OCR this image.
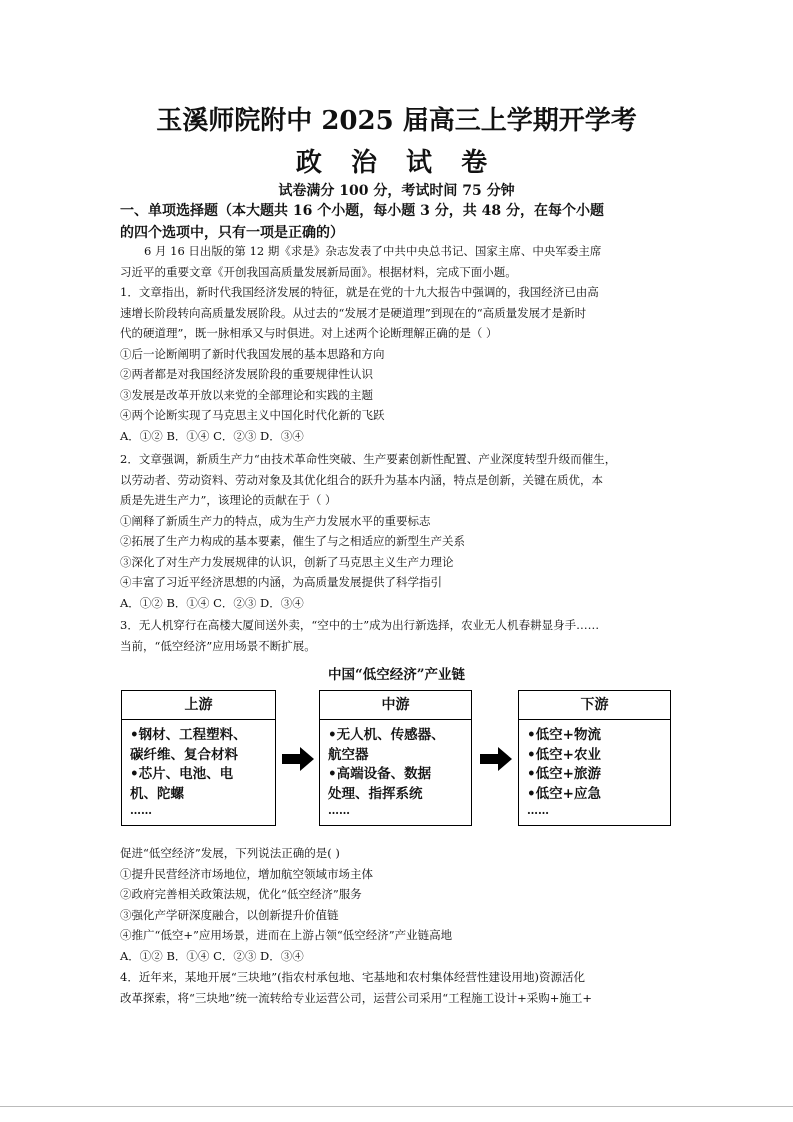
玉溪师院附中 2025 届高三上学期开学考
政 治 试 卷
试卷满分 100 分，考试时间 75 分钟
一、单项选择题（本大题共 16 个小题，每小题 3 分，共 48 分，在每个小题
的四个选项中，只有一项是正确的）
6 月 16 日出版的第 12 期《求是》杂志发表了中共中央总书记、国家主席、中央军委主席
习近平的重要文章《开创我国高质量发展新局面》。根据材料，完成下面小题。
1．文章指出，新时代我国经济发展的特征，就是在党的十九大报告中强调的，我国经济已由高
速增长阶段转向高质量发展阶段。从过去的“发展才是硬道理”到现在的“高质量发展才是新时
代的硬道理”，既一脉相承又与时俱进。对上述两个论断理解正确的是（ ）
①后一论断阐明了新时代我国发展的基本思路和方向
②两者都是对我国经济发展阶段的重要规律性认识
③发展是改革开放以来党的全部理论和实践的主题
④两个论断实现了马克思主义中国化时代化新的飞跃
A．①② B．①④ C．②③ D．③④
2．文章强调，新质生产力“由技术革命性突破、生产要素创新性配置、产业深度转型升级而催生，
以劳动者、劳动资料、劳动对象及其优化组合的跃升为基本内涵，特点是创新，关键在质优，本
质是先进生产力”，该理论的贡献在于（ ）
①阐释了新质生产力的特点，成为生产力发展水平的重要标志
②拓展了生产力构成的基本要素，催生了与之相适应的新型生产关系
③深化了对生产力发展规律的认识，创新了马克思主义生产力理论
④丰富了习近平经济思想的内涵，为高质量发展提供了科学指引
A．①② B．①④ C．②③ D．③④
3．无人机穿行在高楼大厦间送外卖，“空中的士”成为出行新选择，农业无人机春耕显身手……
当前，“低空经济”应用场景不断扩展。
中国“低空经济”产业链
上游
•钢材、工程塑料、
碳纤维、复合材料
•芯片、电池、电
机、陀螺
……
中游
•无人机、传感器、
航空器
•高端设备、数据
处理、指挥系统
……
下游
•低空+物流
•低空+农业
•低空+旅游
•低空+应急
……
促进“低空经济”发展，下列说法正确的是( )
①提升民营经济市场地位，增加航空领域市场主体
②政府完善相关政策法规，优化“低空经济”服务
③强化产学研深度融合，以创新提升价值链
④推广“低空+”应用场景，进而在上游占领“低空经济”产业链高地
A．①② B．①④ C．②③ D．③④
4．近年来，某地开展“三块地”(指农村承包地、宅基地和农村集体经营性建设用地)资源活化
改革探索，将“三块地”统一流转给专业运营公司，运营公司采用“工程施工设计+采购+施工+
